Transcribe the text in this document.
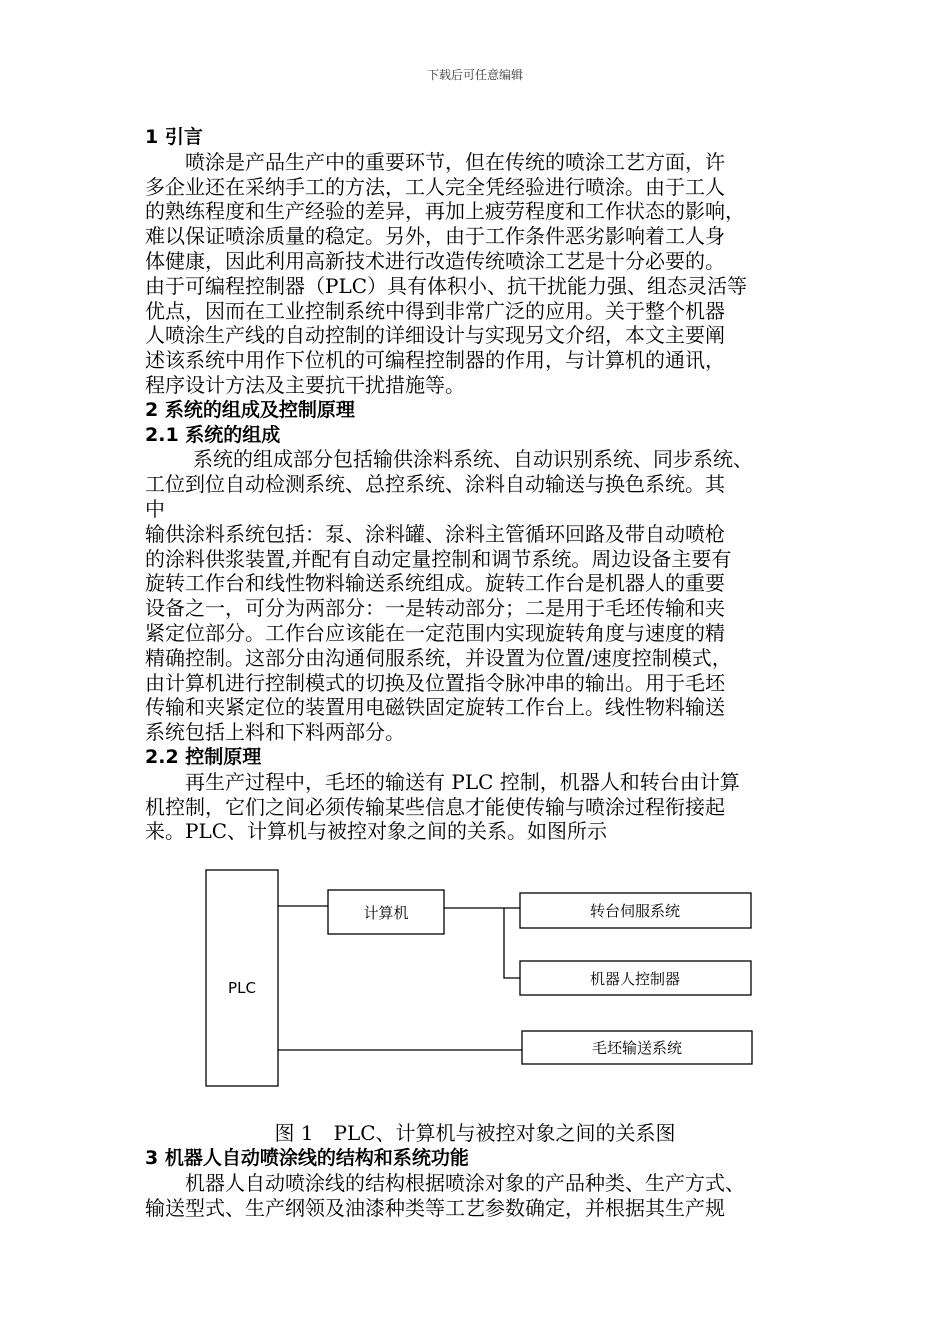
下载后可任意编辑
1 引言
喷涂是产品生产中的重要环节，但在传统的喷涂工艺方面，许
多企业还在采纳手工的方法，工人完全凭经验进行喷涂。由于工人
的熟练程度和生产经验的差异，再加上疲劳程度和工作状态的影响，
难以保证喷涂质量的稳定。另外，由于工作条件恶劣影响着工人身
体健康，因此利用高新技术进行改造传统喷涂工艺是十分必要的。
由于可编程控制器（PLC）具有体积小、抗干扰能力强、组态灵活等
优点，因而在工业控制系统中得到非常广泛的应用。关于整个机器
人喷涂生产线的自动控制的详细设计与实现另文介绍，本文主要阐
述该系统中用作下位机的可编程控制器的作用，与计算机的通讯，
程序设计方法及主要抗干扰措施等。
2 系统的组成及控制原理
2.1 系统的组成
系统的组成部分包括输供涂料系统、自动识别系统、同步系统、
工位到位自动检测系统、总控系统、涂料自动输送与换色系统。其
中
输供涂料系统包括：泵、涂料罐、涂料主管循环回路及带自动喷枪
的涂料供浆装置,并配有自动定量控制和调节系统。周边设备主要有
旋转工作台和线性物料输送系统组成。旋转工作台是机器人的重要
设备之一，可分为两部分：一是转动部分；二是用于毛坯传输和夹
紧定位部分。工作台应该能在一定范围内实现旋转角度与速度的精
精确控制。这部分由沟通伺服系统，并设置为位置/速度控制模式，
由计算机进行控制模式的切换及位置指令脉冲串的输出。用于毛坯
传输和夹紧定位的装置用电磁铁固定旋转工作台上。线性物料输送
系统包括上料和下料两部分。
2.2 控制原理
再生产过程中，毛坯的输送有 PLC 控制，机器人和转台由计算
机控制，它们之间必须传输某些信息才能使传输与喷涂过程衔接起
来。PLC、计算机与被控对象之间的关系。如图所示
PLC
计算机	转台伺服系统
机器人控制器
毛坯输送系统
图 1　PLC、计算机与被控对象之间的关系图
3 机器人自动喷涂线的结构和系统功能
机器人自动喷涂线的结构根据喷涂对象的产品种类、生产方式、
输送型式、生产纲领及油漆种类等工艺参数确定，并根据其生产规
